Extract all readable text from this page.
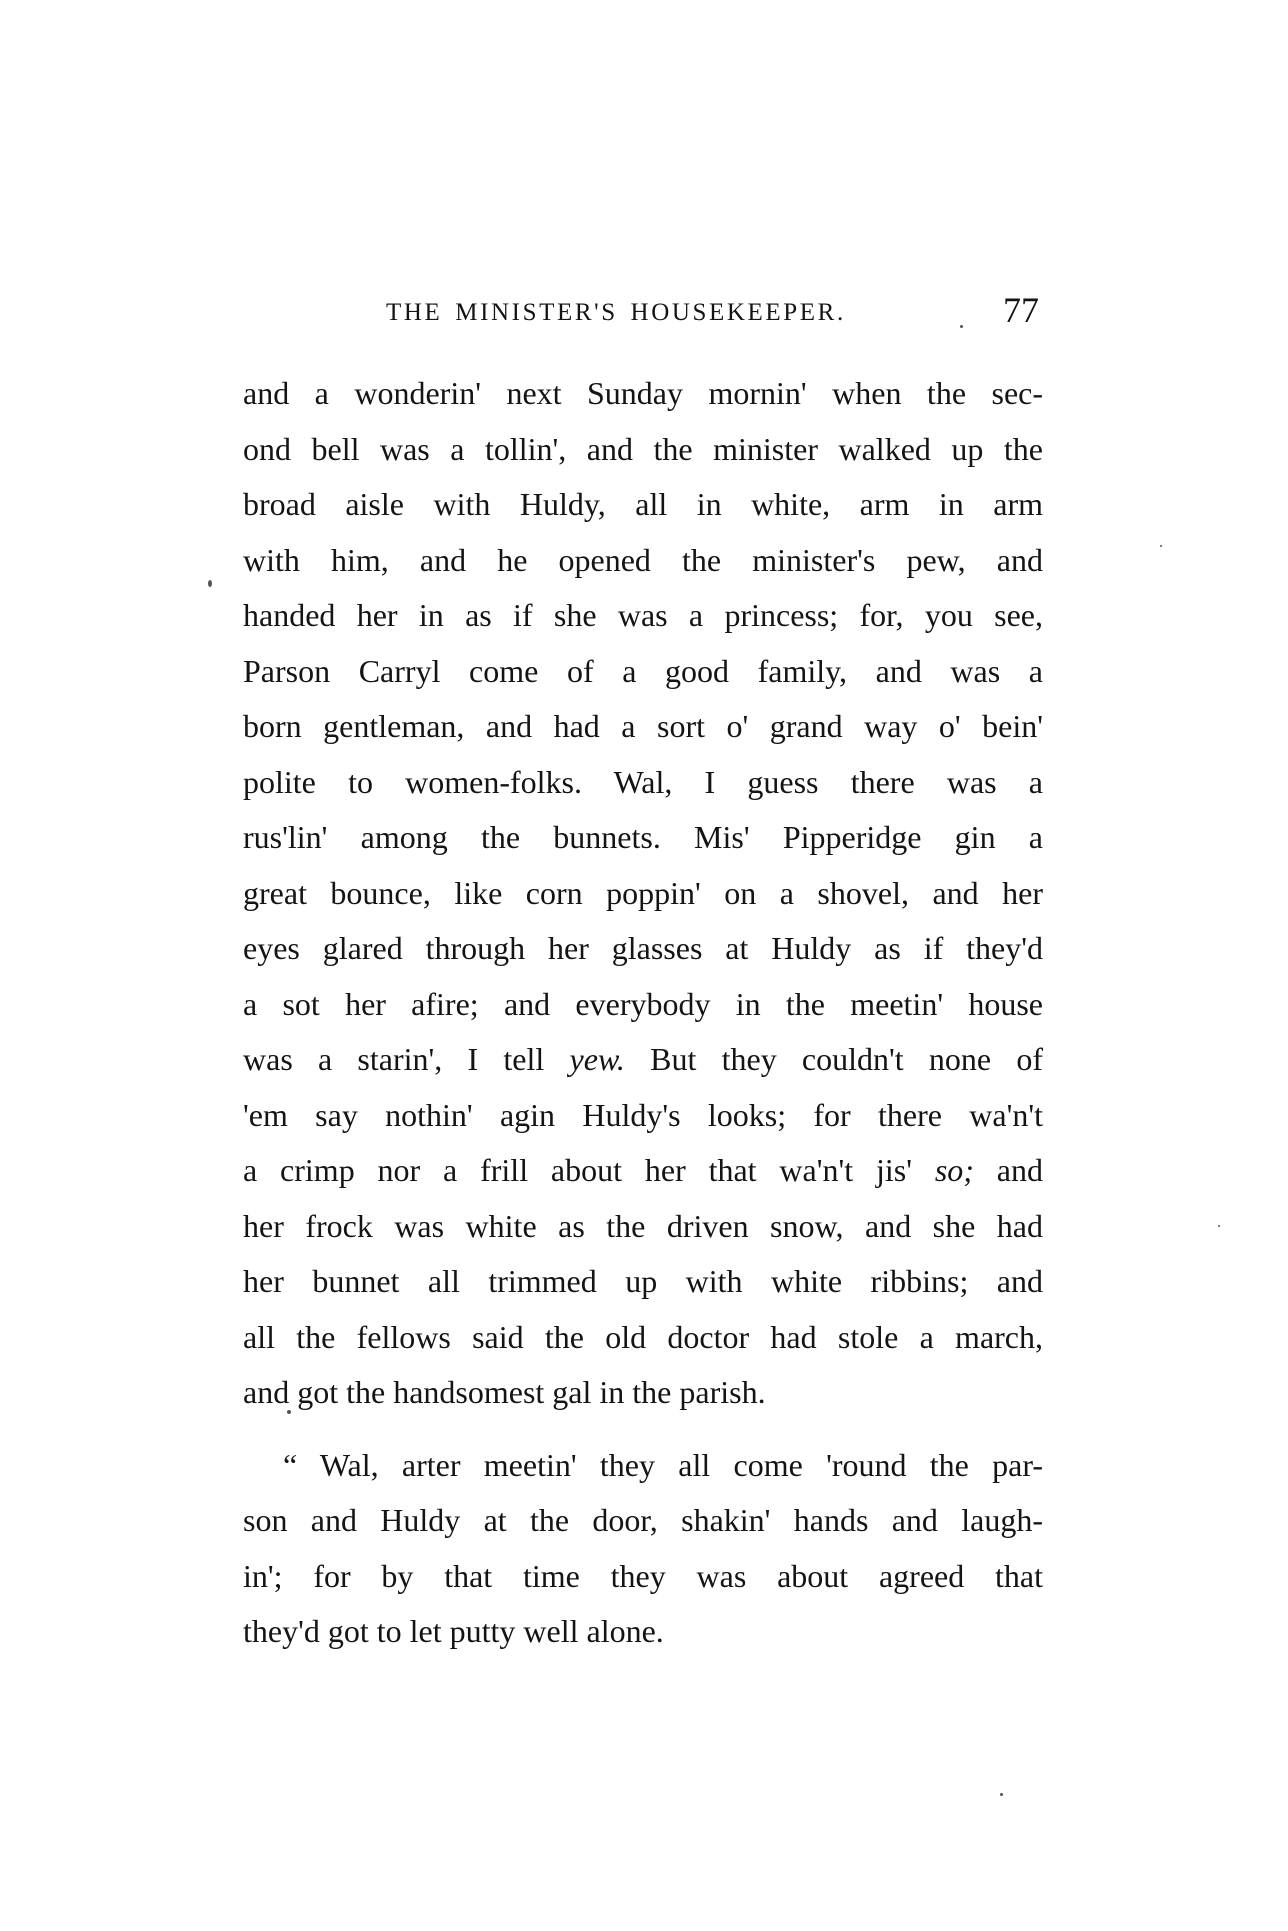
THE MINISTER'S HOUSEKEEPER.	77
and a wonderin' next Sunday mornin' when the sec-
ond bell was a tollin', and the minister walked up the
broad aisle with Huldy, all in white, arm in arm
with him, and he opened the minister's pew, and
handed her in as if she was a princess; for, you see,
Parson Carryl come of a good family, and was a
born gentleman, and had a sort o' grand way o' bein'
polite to women-folks. Wal, I guess there was a
rus'lin' among the bunnets. Mis' Pipperidge gin a
great bounce, like corn poppin' on a shovel, and her
eyes glared through her glasses at Huldy as if they'd
a sot her afire; and everybody in the meetin' house
was a starin', I tell yew. But they couldn't none of
'em say nothin' agin Huldy's looks; for there wa'n't
a crimp nor a frill about her that wa'n't jis' so; and
her frock was white as the driven snow, and she had
her bunnet all trimmed up with white ribbins; and
all the fellows said the old doctor had stole a march,
and got the handsomest gal in the parish.
“ Wal, arter meetin' they all come 'round the par-
son and Huldy at the door, shakin' hands and laugh-
in'; for by that time they was about agreed that
they'd got to let putty well alone.
